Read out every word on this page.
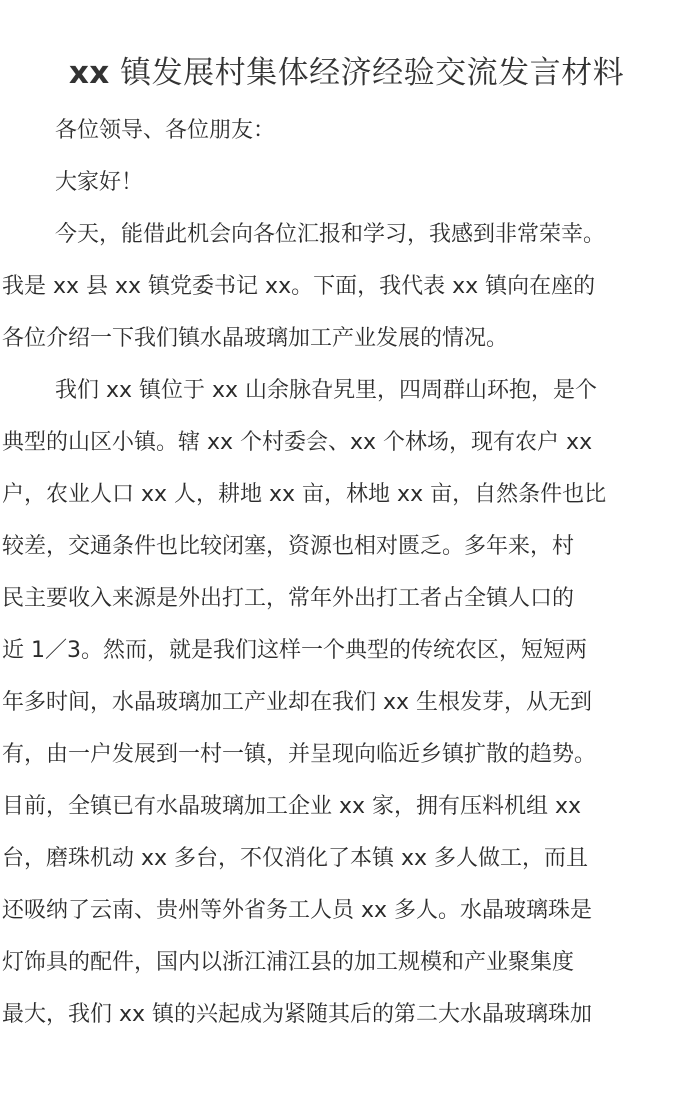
xx 镇发展村集体经济经验交流发言材料
各位领导、各位朋友：
大家好！
今天，能借此机会向各位汇报和学习，我感到非常荣幸。
我是 xx 县 xx 镇党委书记 xx。下面，我代表 xx 镇向在座的
各位介绍一下我们镇水晶玻璃加工产业发展的情况。
我们 xx 镇位于 xx 山余脉旮旯里，四周群山环抱，是个
典型的山区小镇。辖 xx 个村委会、xx 个林场，现有农户 xx
户，农业人口 xx 人，耕地 xx 亩，林地 xx 亩，自然条件也比
较差，交通条件也比较闭塞，资源也相对匮乏。多年来，村
民主要收入来源是外出打工，常年外出打工者占全镇人口的
近 1／3。然而，就是我们这样一个典型的传统农区，短短两
年多时间，水晶玻璃加工产业却在我们 xx 生根发芽，从无到
有，由一户发展到一村一镇，并呈现向临近乡镇扩散的趋势。
目前，全镇已有水晶玻璃加工企业 xx 家，拥有压料机组 xx
台，磨珠机动 xx 多台，不仅消化了本镇 xx 多人做工，而且
还吸纳了云南、贵州等外省务工人员 xx 多人。水晶玻璃珠是
灯饰具的配件，国内以浙江浦江县的加工规模和产业聚集度
最大，我们 xx 镇的兴起成为紧随其后的第二大水晶玻璃珠加
